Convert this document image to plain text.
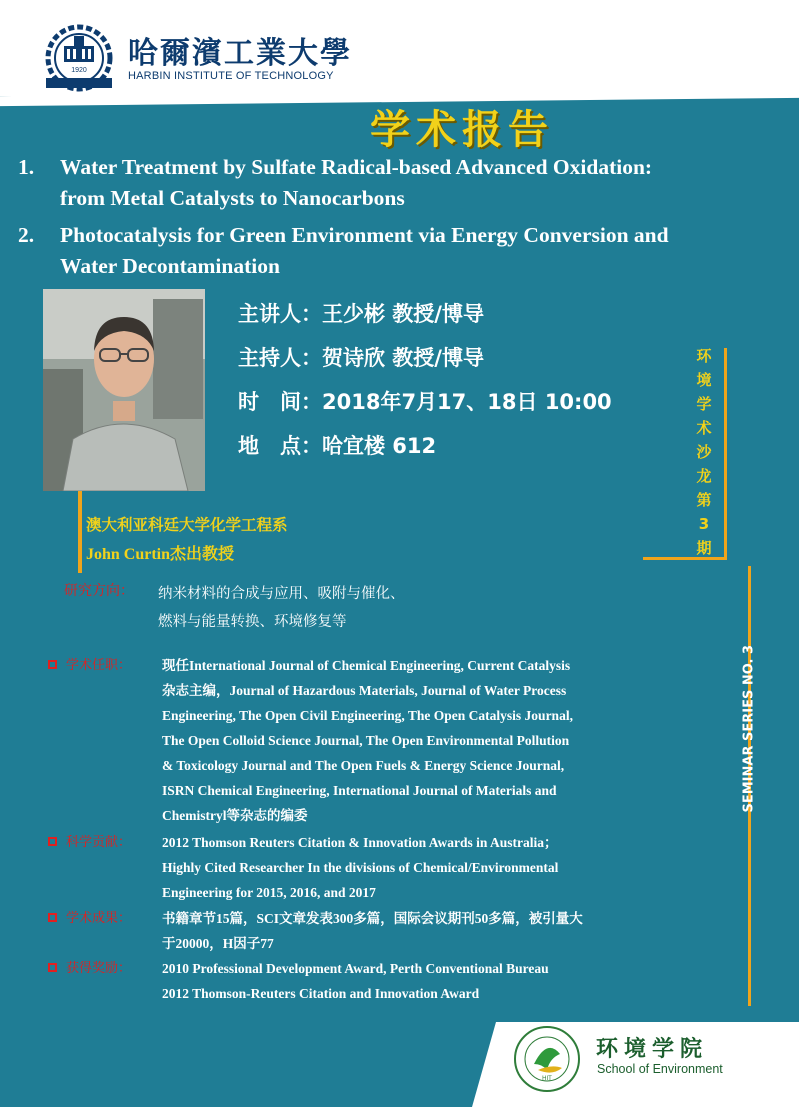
1920 哈爾濱工業大學
HARBIN INSTITUTE OF TECHNOLOGY
学术报告
1. Water Treatment by Sulfate Radical-based Advanced Oxidation:
from Metal Catalysts to Nanocarbons
2. Photocatalysis for Green Environment via Energy Conversion and
Water Decontamination
主讲人：王少彬 教授/博导
主持人：贺诗欣 教授/博导
时　间：2018年7月17、18日 10:00
地　点：哈宜楼 612
澳大利亚科廷大学化学工程系
John Curtin杰出教授
环
境
学
术
沙
龙
第
3
期
SEMINAR SERIES NO. 3
研究方向： 纳米材料的合成与应用、吸附与催化、
燃料与能量转换、环境修复等
学术任职： 现任International Journal of Chemical Engineering, Current Catalysis
杂志主编，Journal of Hazardous Materials, Journal of Water Process
Engineering, The Open Civil Engineering, The Open Catalysis Journal,
The Open Colloid Science Journal, The Open Environmental Pollution
& Toxicology Journal and The Open Fuels & Energy Science Journal,
ISRN Chemical Engineering, International Journal of Materials and
Chemistryl等杂志的编委
科学贡献： 2012 Thomson Reuters Citation & Innovation Awards in Australia；
Highly Cited Researcher In the divisions of Chemical/Environmental
Engineering for 2015, 2016, and 2017
学术成果： 书籍章节15篇，SCI文章发表300多篇，国际会议期刊50多篇，被引量大
于20000，H因子77
获得奖励： 2010 Professional Development Award, Perth Conventional Bureau
2012 Thomson-Reuters Citation and Innovation Award
HIT
环境学院
School of Environment
